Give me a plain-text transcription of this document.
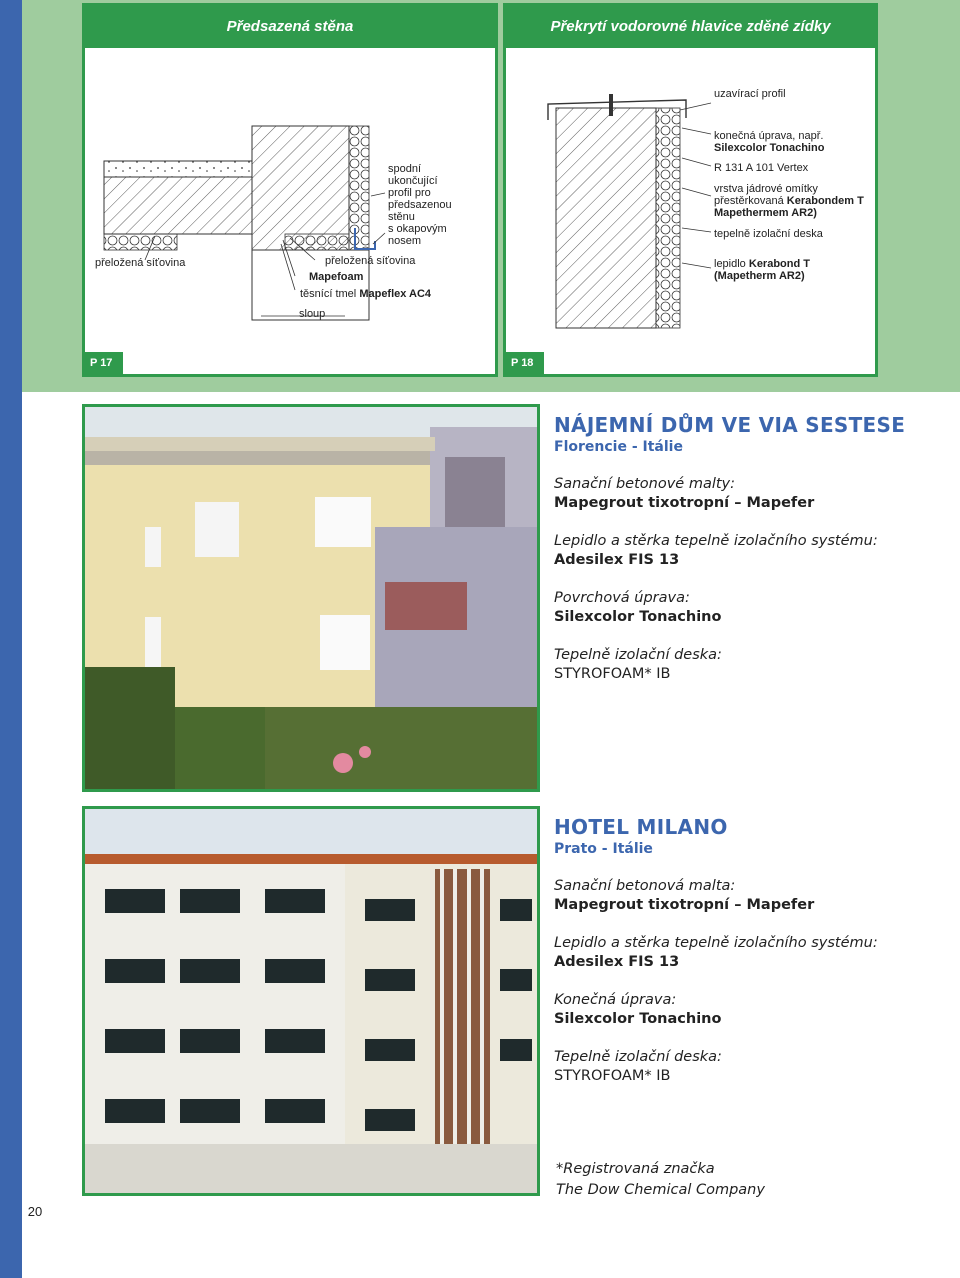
20
Předsazená stěna
spodní
ukončující
profil pro
předsazenou
stěnu
s okapovým
nosem
přeložená síťovina	přeložená síťovina
Mapefoam
těsnící tmel Mapeflex AC4
sloup
P 17
Překrytí vodorovné hlavice zděné zídky
uzavírací profil
konečná úprava, např.
Silexcolor Tonachino
R 131 A 101 Vertex
vrstva jádrové omítky
přestěrkovaná Kerabondem T
Mapethermem AR2)
tepelně izolační deska
lepidlo Kerabond T
(Mapetherm AR2)
P 18
NÁJEMNÍ DŮM VE VIA SESTESE
Florencie - Itálie
Sanační betonové malty:
Mapegrout tixotropní – Mapefer
Lepidlo a stěrka tepelně izolačního systému:
Adesilex FIS 13
Povrchová úprava:
Silexcolor Tonachino
Tepelně izolační deska:
STYROFOAM* IB
HOTEL MILANO
Prato - Itálie
Sanační betonová malta:
Mapegrout tixotropní – Mapefer
Lepidlo a stěrka tepelně izolačního systému:
Adesilex FIS 13
Konečná úprava:
Silexcolor Tonachino
Tepelně izolační deska:
STYROFOAM* IB
*Registrovaná značka
The Dow Chemical Company
